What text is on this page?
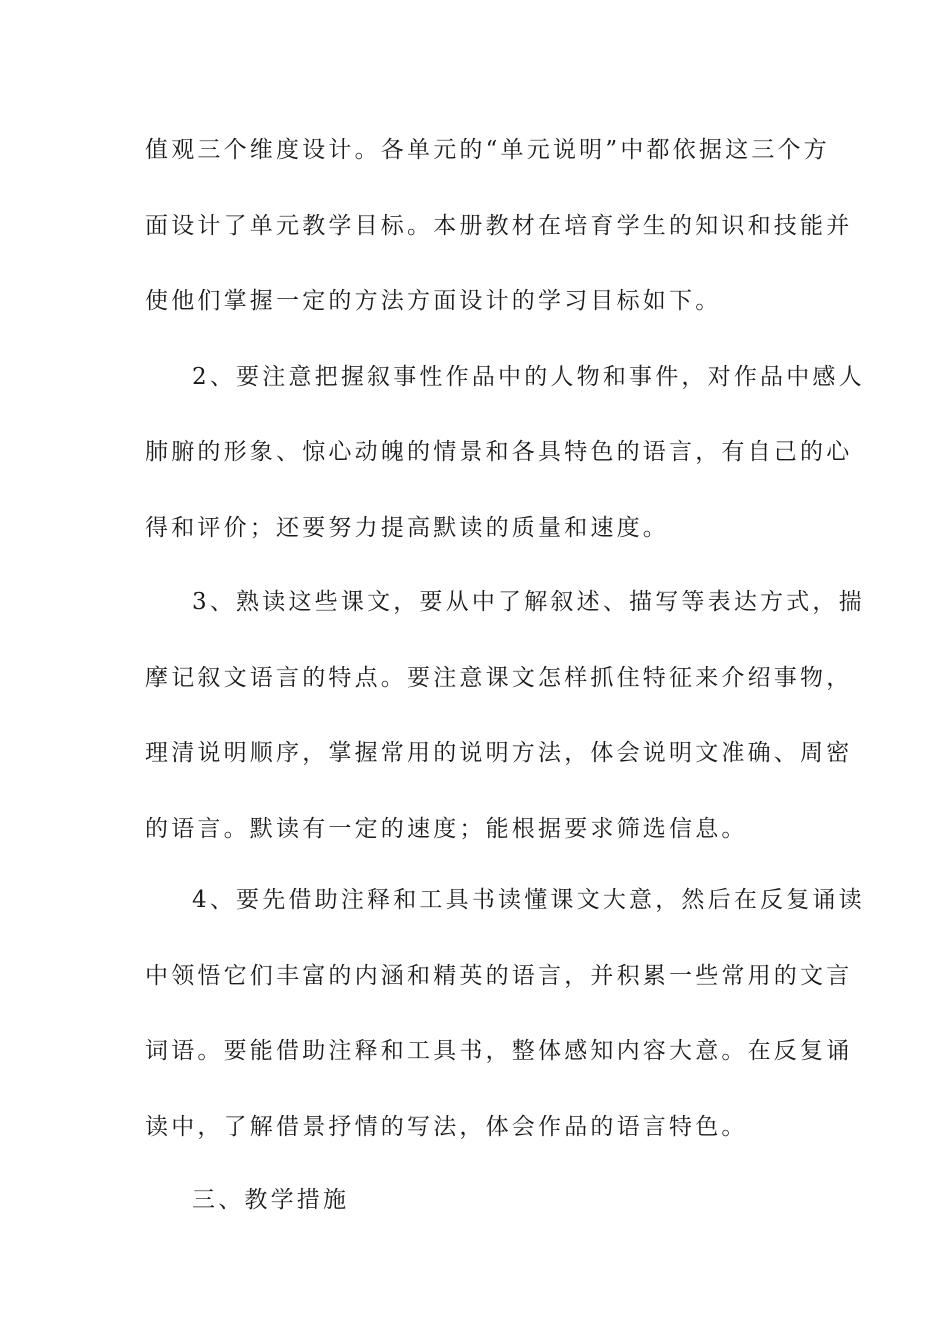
值观三个维度设计。各单元的“单元说明”中都依据这三个方
面设计了单元教学目标。本册教材在培育学生的知识和技能并
使他们掌握一定的方法方面设计的学习目标如下。
2、要注意把握叙事性作品中的人物和事件，对作品中感人
肺腑的形象、惊心动魄的情景和各具特色的语言，有自己的心
得和评价；还要努力提高默读的质量和速度。
3、熟读这些课文，要从中了解叙述、描写等表达方式，揣
摩记叙文语言的特点。要注意课文怎样抓住特征来介绍事物，
理清说明顺序，掌握常用的说明方法，体会说明文准确、周密
的语言。默读有一定的速度；能根据要求筛选信息。
4、要先借助注释和工具书读懂课文大意，然后在反复诵读
中领悟它们丰富的内涵和精英的语言，并积累一些常用的文言
词语。要能借助注释和工具书，整体感知内容大意。在反复诵
读中，了解借景抒情的写法，体会作品的语言特色。
三、教学措施
